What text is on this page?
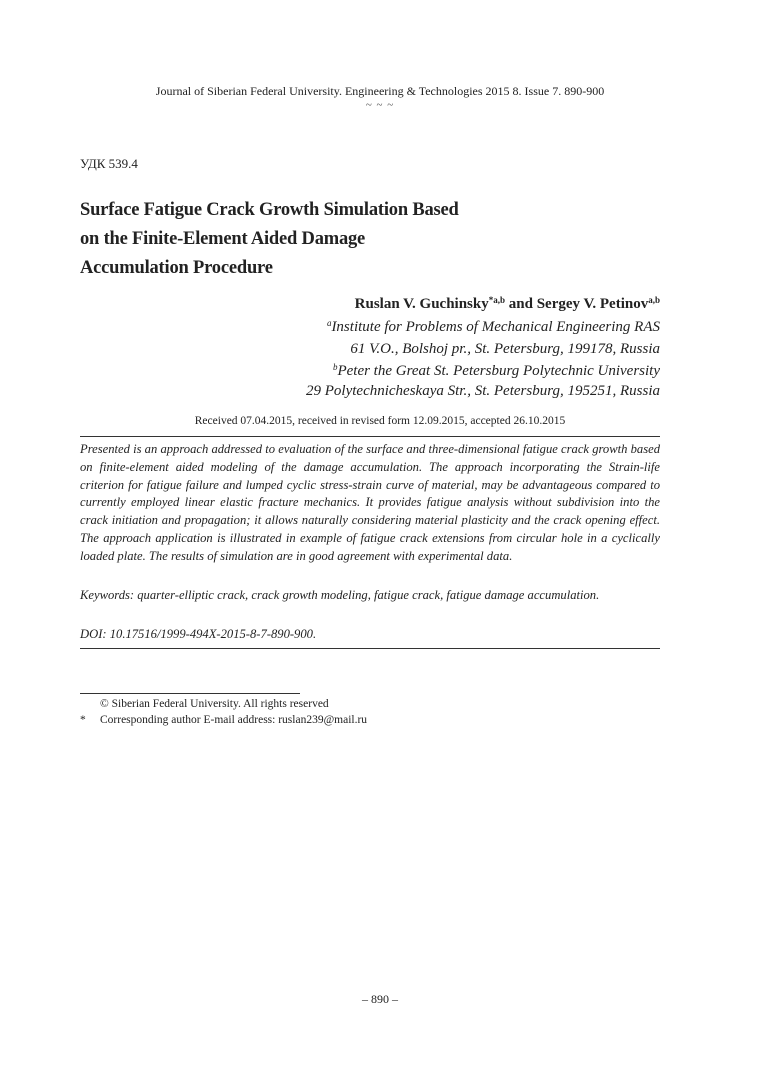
Journal of Siberian Federal University. Engineering & Technologies 2015 8. Issue 7. 890-900
~ ~ ~
УДК 539.4
Surface Fatigue Crack Growth Simulation Based
on the Finite-Element Aided Damage
Accumulation Procedure
Ruslan V. Guchinsky$^{*a,b}$ and Sergey V. Petinov$^{a,b}$
$^a$Institute for Problems of Mechanical Engineering RAS
61 V.O., Bolshoj pr., St. Petersburg, 199178, Russia
$^b$Peter the Great St. Petersburg Polytechnic University
29 Polytechnicheskaya Str., St. Petersburg, 195251, Russia
Received 07.04.2015, received in revised form 12.09.2015, accepted 26.10.2015
Presented is an approach addressed to evaluation of the surface and three-dimensional fatigue crack growth based on finite-element aided modeling of the damage accumulation. The approach incorporating the Strain-life criterion for fatigue failure and lumped cyclic stress-strain curve of material, may be advantageous compared to currently employed linear elastic fracture mechanics. It provides fatigue analysis without subdivision into the crack initiation and propagation; it allows naturally considering material plasticity and the crack opening effect. The approach application is illustrated in example of fatigue crack extensions from circular hole in a cyclically loaded plate. The results of simulation are in good agreement with experimental data.
Keywords: quarter-elliptic crack, crack growth modeling, fatigue crack, fatigue damage accumulation.
DOI: 10.17516/1999-494X-2015-8-7-890-900.
© Siberian Federal University. All rights reserved
* Corresponding author E-mail address: ruslan239@mail.ru
– 890 –
